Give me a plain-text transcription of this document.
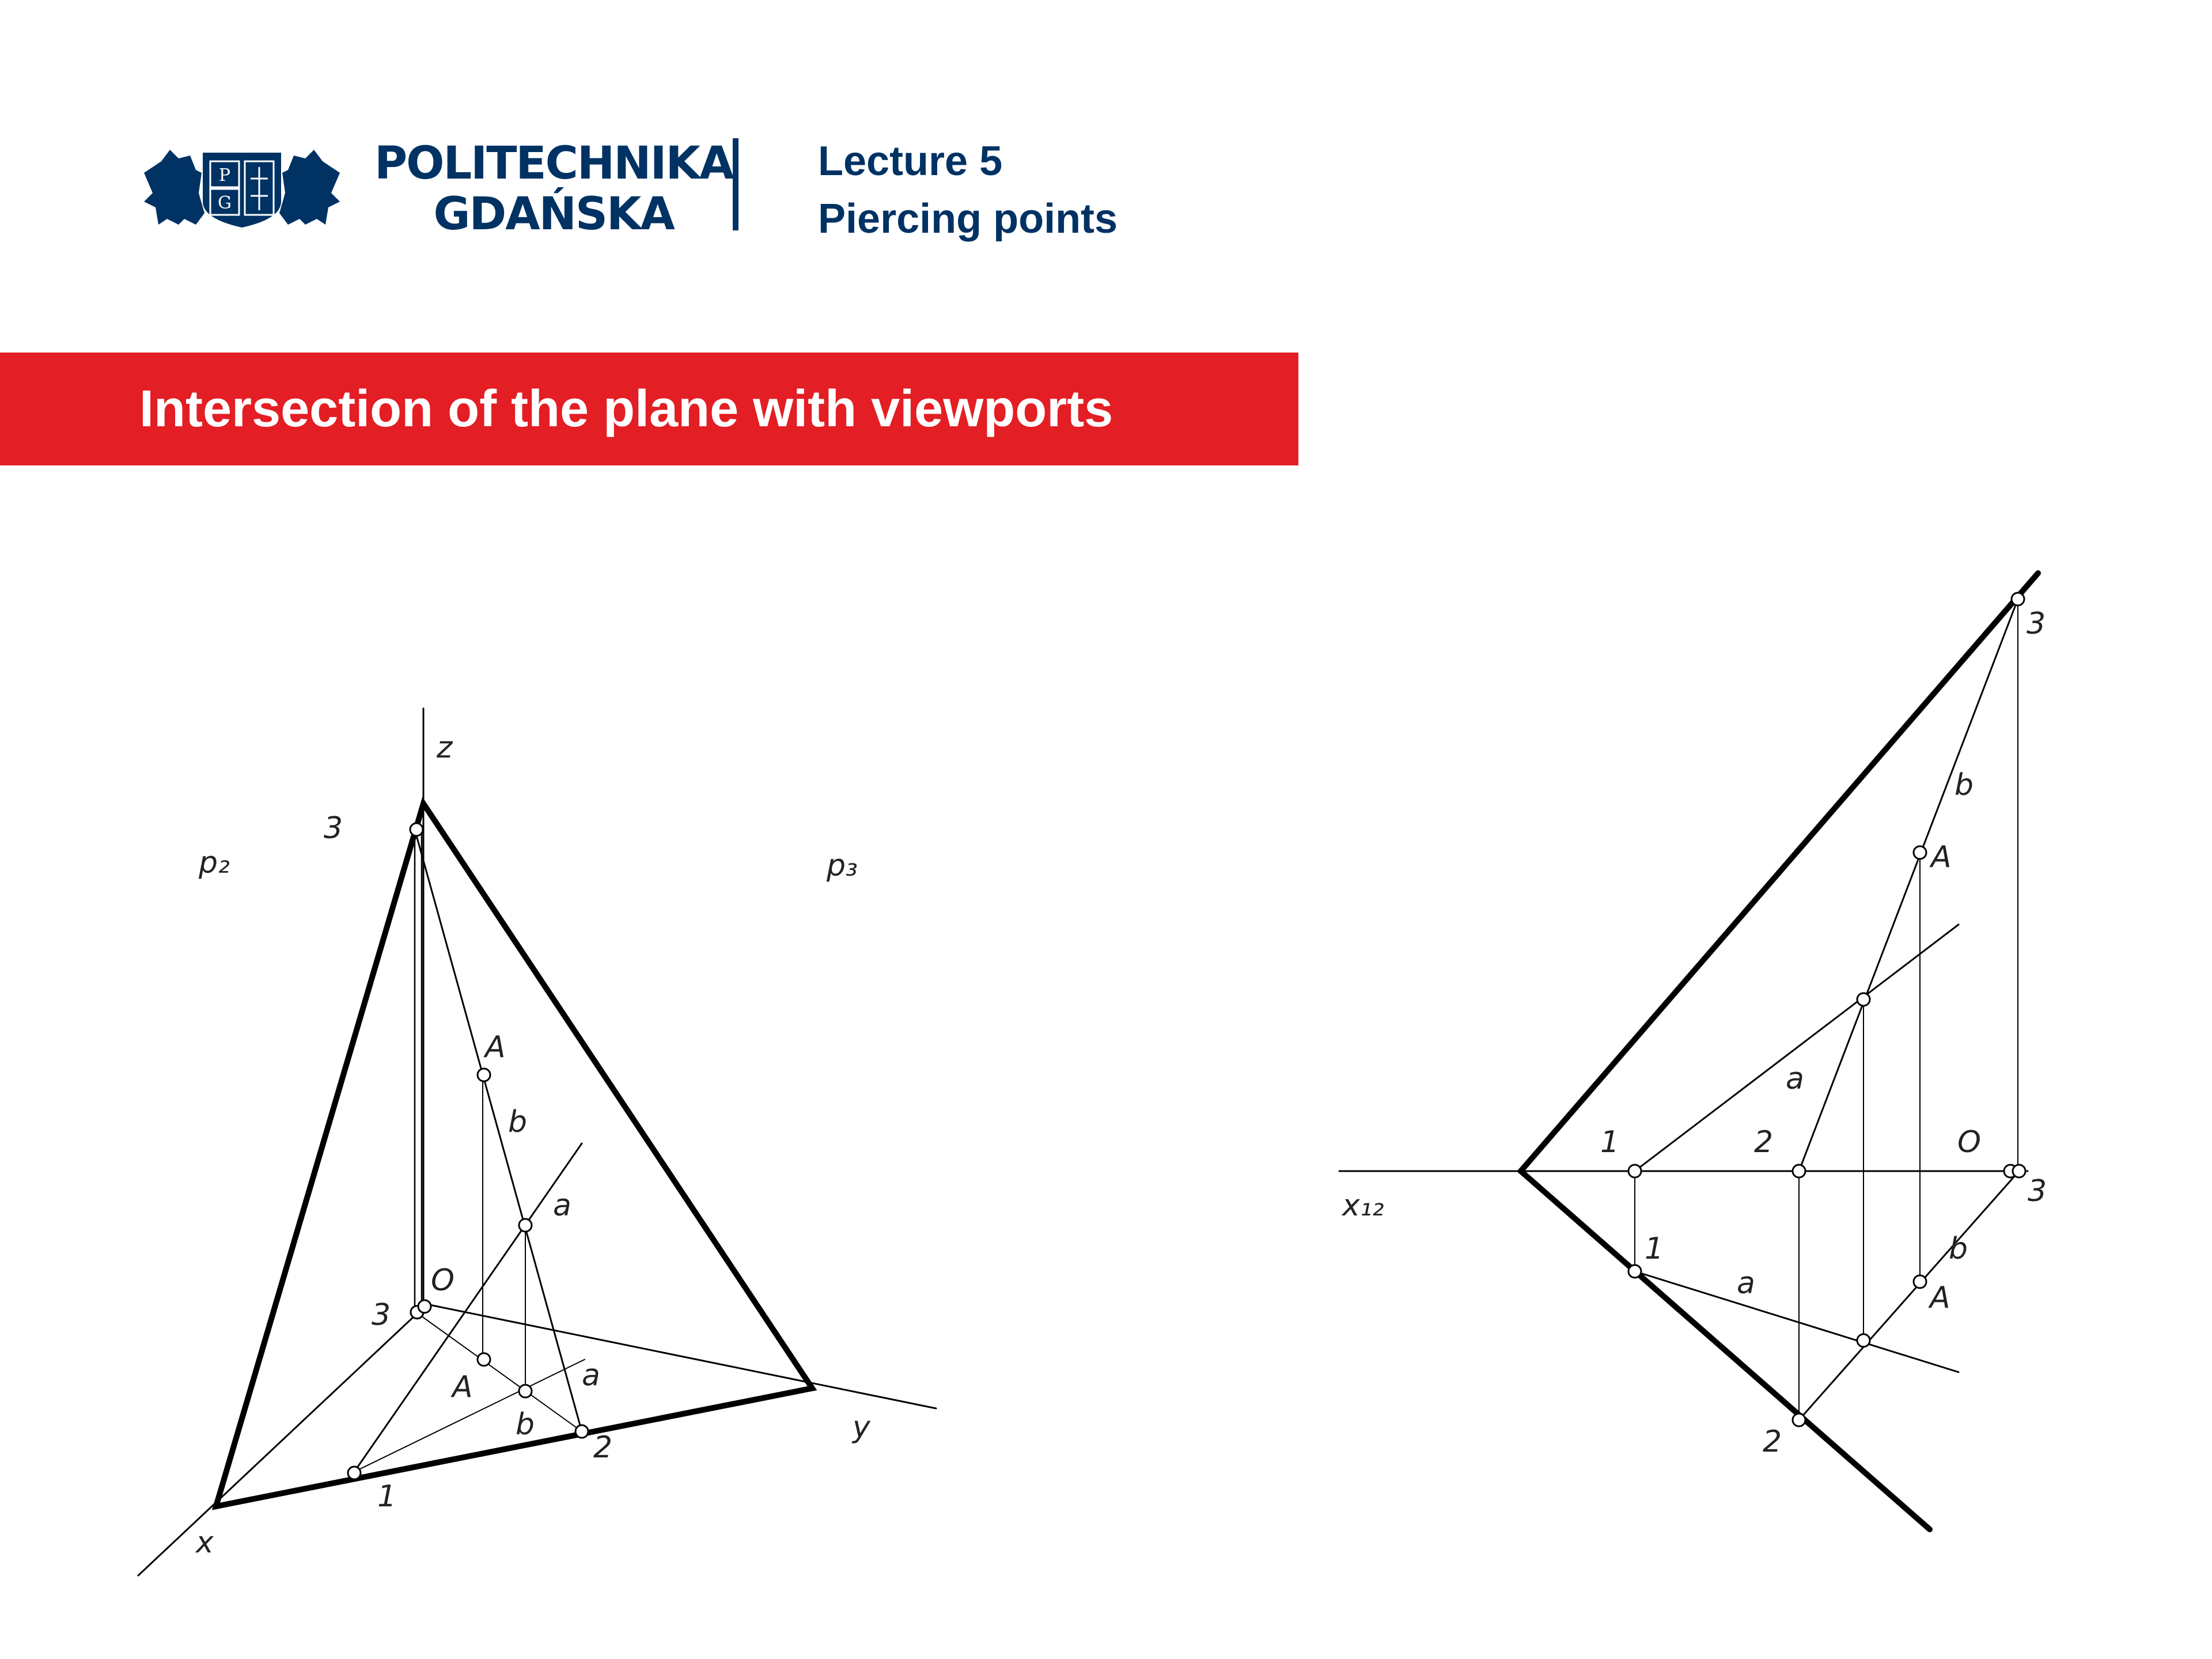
P
G
POLITECHNIKA
GDAŃSKA
Lecture 5
Piercing points
Intersection of the plane with viewports
z
p₂	p₃
3
A
b
a
O
3
A	a
b
2
1
y
x
3
b
A
a
1	2	O
3
x₁₂
b
A
1
a
2
